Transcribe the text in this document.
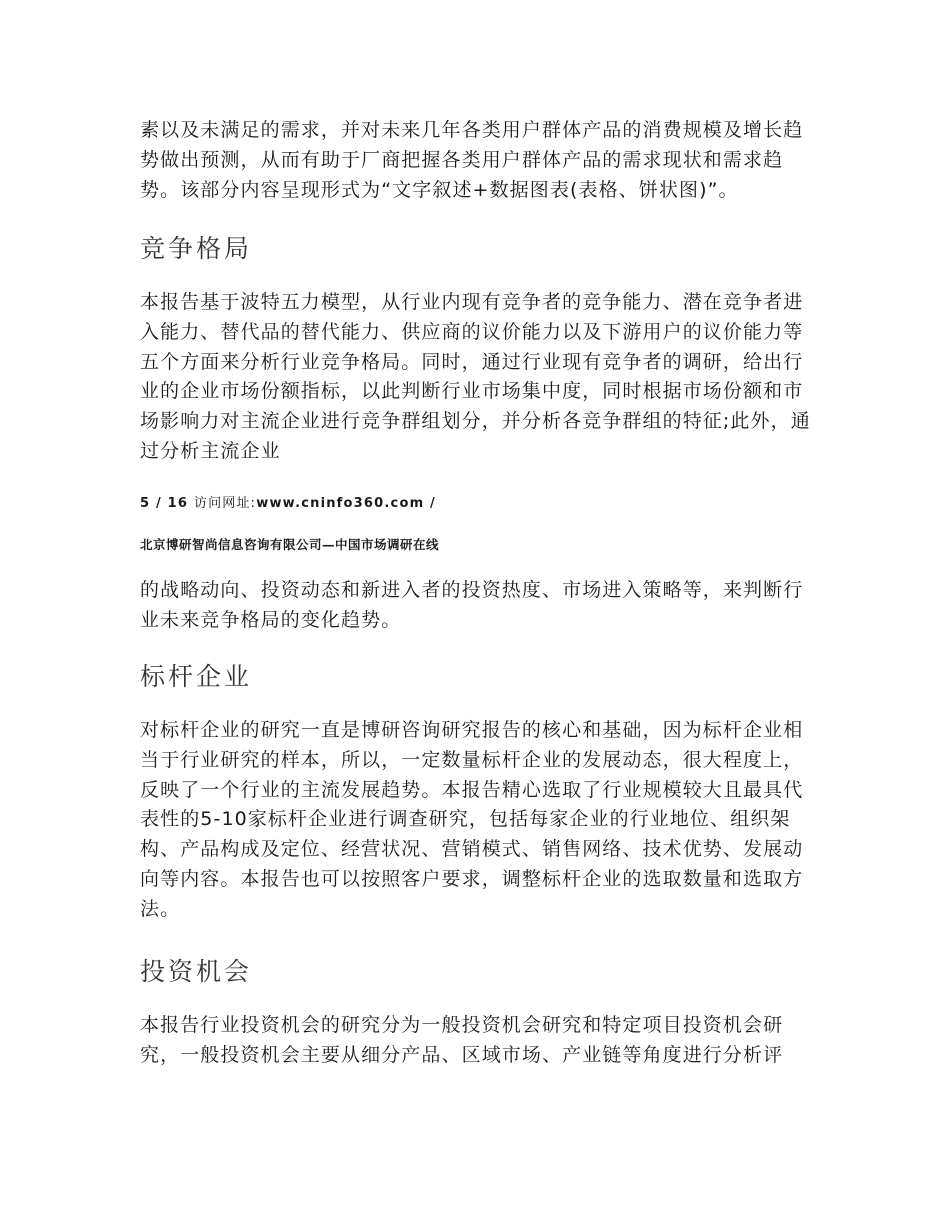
素以及未满足的需求，并对未来几年各类用户群体产品的消费规模及增长趋势做出预测，从而有助于厂商把握各类用户群体产品的需求现状和需求趋势。该部分内容呈现形式为“文字叙述+数据图表(表格、饼状图)”。

竞争格局

本报告基于波特五力模型，从行业内现有竞争者的竞争能力、潜在竞争者进入能力、替代品的替代能力、供应商的议价能力以及下游用户的议价能力等五个方面来分析行业竞争格局。同时，通过行业现有竞争者的调研，给出行业的企业市场份额指标，以此判断行业市场集中度，同时根据市场份额和市场影响力对主流企业进行竞争群组划分，并分析各竞争群组的特征;此外，通过分析主流企业

5 / 16 访问网址:www.cninfo360.com /

北京博研智尚信息咨询有限公司—中国市场调研在线

的战略动向、投资动态和新进入者的投资热度、市场进入策略等，来判断行业未来竞争格局的变化趋势。

标杆企业

对标杆企业的研究一直是博研咨询研究报告的核心和基础，因为标杆企业相当于行业研究的样本，所以，一定数量标杆企业的发展动态，很大程度上，反映了一个行业的主流发展趋势。本报告精心选取了行业规模较大且最具代表性的5-10家标杆企业进行调查研究，包括每家企业的行业地位、组织架构、产品构成及定位、经营状况、营销模式、销售网络、技术优势、发展动向等内容。本报告也可以按照客户要求，调整标杆企业的选取数量和选取方法。

投资机会

本报告行业投资机会的研究分为一般投资机会研究和特定项目投资机会研究，一般投资机会主要从细分产品、区域市场、产业链等角度进行分析评
